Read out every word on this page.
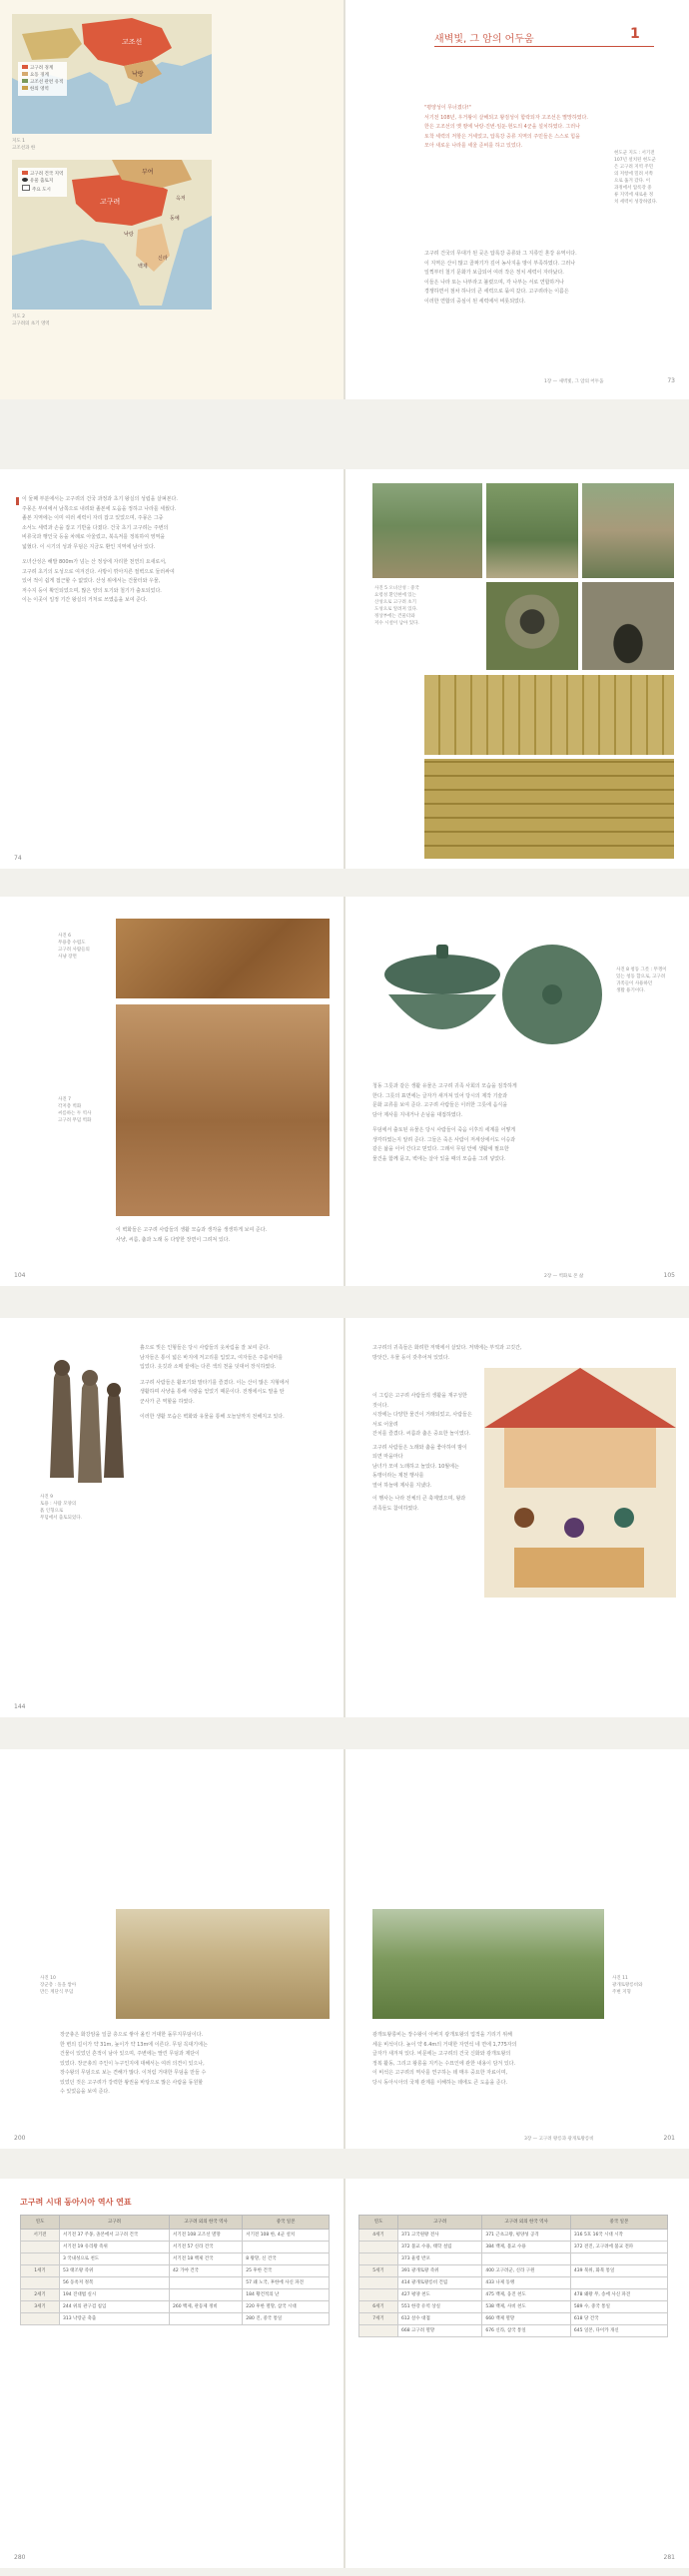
고조선
낙랑
고구려 경계
요동 경계
고조선 관련 유적
한의 영역
지도 1
고조선과 한
고구려
부여
동예
옥저
낙랑
백제
신라
고구려 건국 지역
유물 출토지
주요 도시
지도 2
고구려의 초기 영역
새벽빛, 그 암의 어두움	1
"평양성이 무너졌다!"
서기전 108년, 우거왕이 살해되고 왕검성이 함락되자 고조선은 멸망하였다.
한은 고조선의 옛 땅에 낙랑·진번·임둔·현도의 4군을 설치하였다. 그러나
토착 세력의 저항은 거세었고, 압록강 중류 지역의 주민들은 스스로 힘을
모아 새로운 나라를 세울 준비를 하고 있었다.
현도군 지도 : 서기전
107년 설치된 현도군
은 고구려 지역 주민
의 저항에 밀려 서쪽
으로 옮겨 갔다. 이
과정에서 압록강 중
류 지역에 새로운 정
치 세력이 성장하였다.
고구려 건국의 무대가 된 곳은 압록강 중류와 그 지류인 혼강 유역이다.
이 지역은 산이 많고 골짜기가 깊어 농사지을 땅이 부족하였다. 그러나
일찍부터 철기 문화가 보급되어 여러 작은 정치 세력이 자라났다.
이들은 나라 또는 나부라고 불렸으며, 각 나부는 서로 연합하거나
경쟁하면서 점차 하나의 큰 세력으로 묶여 갔다. 고구려라는 이름은
이러한 연합의 중심이 된 세력에서 비롯되었다.
1장 — 새벽빛, 그 암의 어두움	73
이 둘째 부분에서는 고구려의 건국 과정과 초기 왕실의 성립을 살펴본다.
주몽은 부여에서 남쪽으로 내려와 졸본에 도읍을 정하고 나라를 세웠다.
졸본 지역에는 이미 여러 세력이 자리 잡고 있었으며, 주몽은 그중
소서노 세력과 손을 잡고 기반을 다졌다. 건국 초기 고구려는 주변의
비류국과 행인국 등을 차례로 아울렀고, 북옥저를 정복하여 영역을
넓혔다. 이 시기의 성과 무덤은 지금도 환인 지역에 남아 있다.
오녀산성은 해발 800m가 넘는 산 정상에 자리한 천연의 요새로서,
고구려 초기의 도성으로 여겨진다. 사방이 깎아지른 절벽으로 둘러싸여
있어 적이 쉽게 접근할 수 없었다. 산성 위에서는 건물터와 우물,
저수지 등이 확인되었으며, 많은 양의 토기와 철기가 출토되었다.
이는 이곳이 일정 기간 왕실의 거처로 쓰였음을 보여 준다.
74
사진 5 오녀산성 : 중국
요령성 환인현에 있는
산성으로 고구려 초기
도성으로 알려져 있다.
정상부에는 건물터와
저수 시설이 남아 있다.
사진 6
무용총 수렵도
고구려 사람들의
사냥 장면
사진 7
각저총 벽화
씨름하는 두 역사
고구려 무덤 벽화
이 벽화들은 고구려 사람들의 생활 모습과 생각을 생생하게 보여 준다.
사냥, 씨름, 춤과 노래 등 다양한 장면이 그려져 있다.
104
사진 8 청동 그릇 : 뚜껑이
있는 청동 합으로, 고구려
귀족들이 사용하던
생활 용기이다.
청동 그릇과 같은 생활 유물은 고구려 귀족 사회의 모습을 짐작하게
한다. 그릇의 표면에는 글자가 새겨져 있어 당시의 제작 기술과
문화 교류를 보여 준다. 고구려 사람들은 이러한 그릇에 음식을
담아 제사를 지내거나 손님을 대접하였다.
무덤에서 출토된 유물은 당시 사람들이 죽음 이후의 세계를 어떻게
생각하였는지 알려 준다. 그들은 죽은 사람이 저세상에서도 이승과
같은 삶을 이어 간다고 믿었다. 그래서 무덤 안에 생활에 필요한
물건을 함께 묻고, 벽에는 살아 있을 때의 모습을 그려 넣었다.
2장 — 벽화로 본 삶	105
사진 9
토용 : 사람 모양의
흙 인형으로
무덤에서 출토되었다.
흙으로 빚은 인형들은 당시 사람들의 옷차림을 잘 보여 준다.
남자들은 통이 넓은 바지에 저고리를 입었고, 여자들은 주름치마를
입었다. 옷깃과 소매 끝에는 다른 색의 천을 덧대어 장식하였다.
고구려 사람들은 활쏘기와 말타기를 즐겼다. 이는 산이 많은 지형에서
생활하며 사냥을 통해 식량을 얻었기 때문이다. 전쟁에서도 말을 탄
군사가 큰 역할을 하였다.
이러한 생활 모습은 벽화와 유물을 통해 오늘날까지 전해지고 있다.
144
고구려의 귀족들은 화려한 저택에서 살았다. 저택에는 부엌과 고깃간,
방앗간, 우물 등이 갖추어져 있었다.
이 그림은 고구려 사람들의 생활을 재구성한 것이다.
시장에는 다양한 물건이 거래되었고, 사람들은 서로 어울려
잔치를 즐겼다. 씨름과 춤은 중요한 놀이였다.
고구려 사람들은 노래와 춤을 좋아하여 밤이 되면 마을마다
남녀가 모여 노래하고 놀았다. 10월에는 동맹이라는 제천 행사를
열어 하늘에 제사를 지냈다.
이 행사는 나라 전체의 큰 축제였으며, 왕과 귀족들도 참여하였다.
사진 10
장군총 : 돌을 쌓아
만든 계단식 무덤
장군총은 화강암을 일곱 층으로 쌓아 올린 거대한 돌무지무덤이다.
한 변의 길이가 약 31m, 높이가 약 13m에 이른다. 무덤 꼭대기에는
건물이 있었던 흔적이 남아 있으며, 주변에는 딸린 무덤과 제단이
있었다. 장군총의 주인이 누구인지에 대해서는 여러 의견이 있으나,
장수왕의 무덤으로 보는 견해가 많다. 이처럼 거대한 무덤을 만들 수
있었던 것은 고구려가 강력한 왕권을 바탕으로 많은 사람을 동원할
수 있었음을 보여 준다.
200
사진 11
광개토왕릉비와
주변 지형
광개토왕릉비는 장수왕이 아버지 광개토왕의 업적을 기리기 위해
세운 비석이다. 높이 약 6.4m의 거대한 자연석 네 면에 1,775자의
글자가 새겨져 있다. 비문에는 고구려의 건국 신화와 광개토왕의
정복 활동, 그리고 왕릉을 지키는 수묘인에 관한 내용이 담겨 있다.
이 비석은 고구려의 역사를 연구하는 데 매우 중요한 자료이며,
당시 동아시아의 국제 관계를 이해하는 데에도 큰 도움을 준다.
3장 — 고구려 왕릉과 광개토왕릉비	201
고구려 시대 동아시아 역사 연표
연도	고구려	고구려 외의 한국 역사	중국 일본
서기전	서기전 37 주몽, 졸본에서 고구려 건국	서기전 108 고조선 멸망	서기전 108 한, 4군 설치
	서기전 19 유리왕 즉위	서기전 57 신라 건국	
	3 국내성으로 천도	서기전 18 백제 건국	8 왕망, 신 건국
1세기	53 태조왕 즉위	42 가야 건국	25 후한 건국
	56 동옥저 정복		57 왜 노국, 후한에 사신 파견
2세기	194 진대법 실시		184 황건적의 난
3세기	244 위의 관구검 침입	260 백제, 관등제 정비	220 후한 멸망, 삼국 시대
	313 낙랑군 축출		280 진, 중국 통일
280
연도	고구려	고구려 외의 한국 역사	중국 일본
4세기	371 고국원왕 전사	371 근초고왕, 평양성 공격	316 5호 16국 시대 시작
	372 불교 수용, 태학 설립	384 백제, 불교 수용	372 전진, 고구려에 불교 전파
	373 율령 반포		
5세기	391 광개토왕 즉위	400 고구려군, 신라 구원	439 북위, 화북 통일
	414 광개토왕릉비 건립	433 나제 동맹	
	427 평양 천도	475 백제, 웅진 천도	478 왜왕 무, 송에 사신 파견
6세기	551 한강 유역 상실	538 백제, 사비 천도	589 수, 중국 통일
7세기	612 살수 대첩	660 백제 멸망	618 당 건국
	668 고구려 멸망	676 신라, 삼국 통일	645 일본, 다이카 개신
281
